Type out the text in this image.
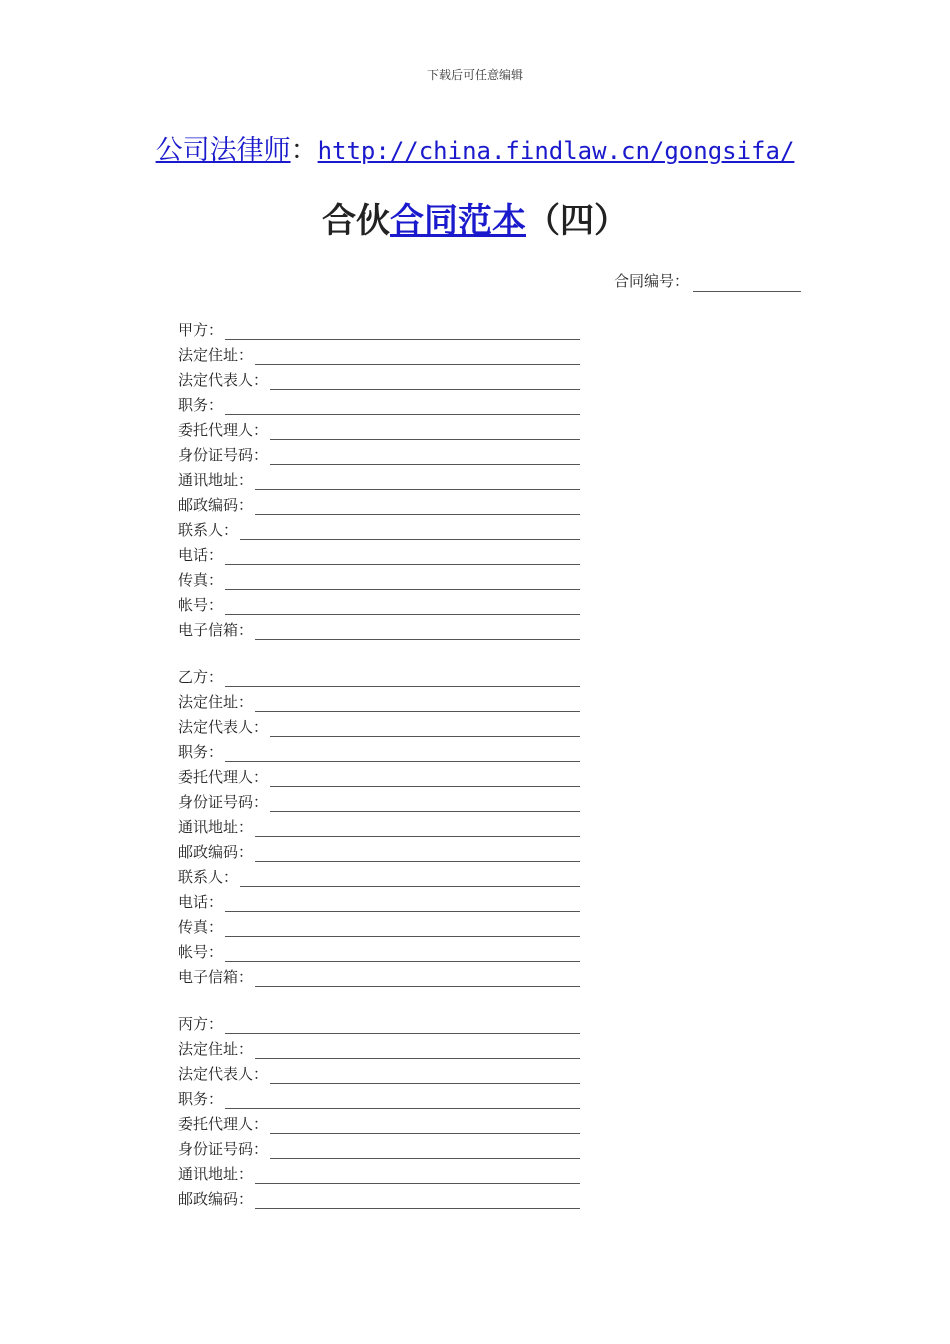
下载后可任意编辑
公司法律师：http://china.findlaw.cn/gongsifa/
合伙合同范本（四）
合同编号：
甲方：
法定住址：
法定代表人：
职务：
委托代理人：
身份证号码：
通讯地址：
邮政编码：
联系人：
电话：
传真：
帐号：
电子信箱：
乙方：
法定住址：
法定代表人：
职务：
委托代理人：
身份证号码：
通讯地址：
邮政编码：
联系人：
电话：
传真：
帐号：
电子信箱：
丙方：
法定住址：
法定代表人：
职务：
委托代理人：
身份证号码：
通讯地址：
邮政编码：
